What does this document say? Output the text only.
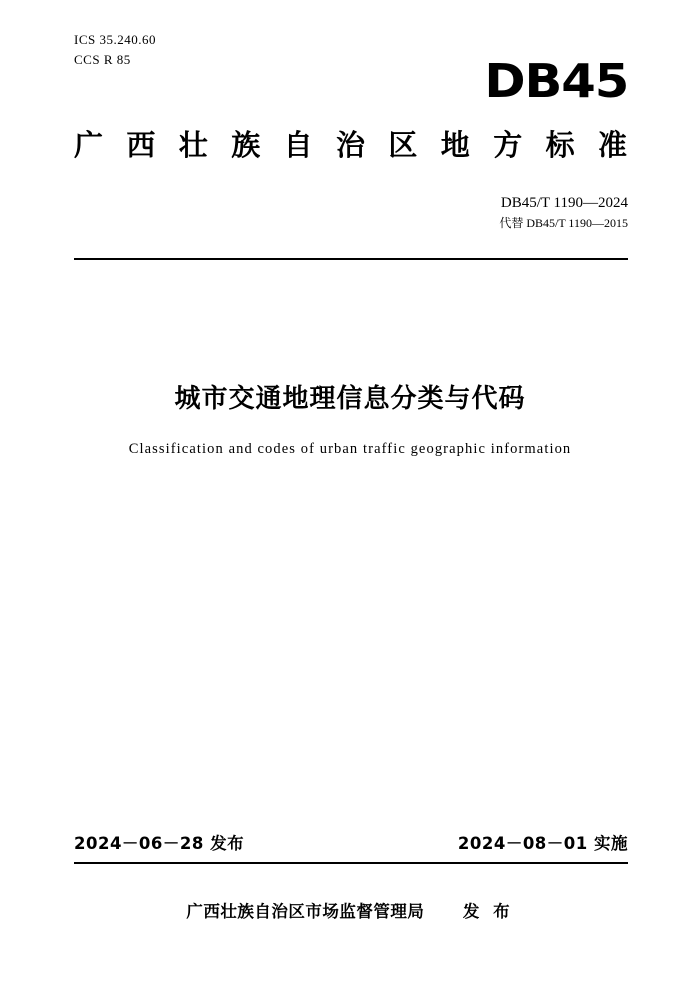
ICS 35.240.60
CCS R 85	DB45
广西壮族自治区地方标准
DB45/T 1190—2024
代替 DB45/T 1190—2015
城市交通地理信息分类与代码
Classification and codes of urban traffic geographic information
2024－06－28 发布	2024－08－01 实施
广西壮族自治区市场监督管理局 发 布
